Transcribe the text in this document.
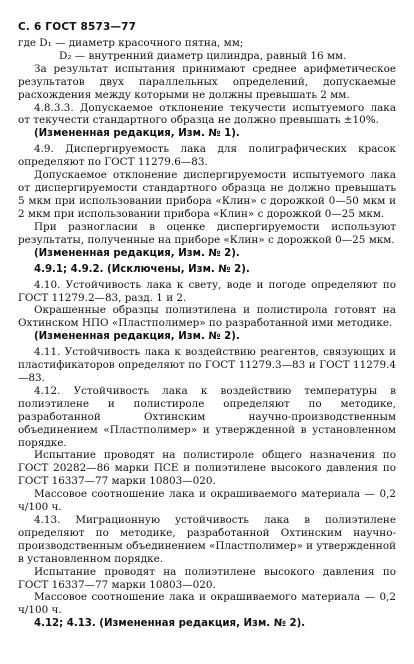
С. 6 ГОСТ 8573—77

где D₁ — диаметр красочного пятна, мм;

D₂ — внутренний диаметр цилиндра, равный 16 мм.

За результат испытания принимают среднее арифметическое результатов двух параллельных определений, допускаемые расхождения между которыми не должны превышать 2 мм.

4.8.3.3. Допускаемое отклонение текучести испытуемого лака от текучести стандартного образца не должно превышать ±10%.

(Измененная редакция, Изм. № 1).

4.9. Диспергируемость лака для полиграфических красок определяют по ГОСТ 11279.6—83.

Допускаемое отклонение диспергируемости испытуемого лака от диспергируемости стандартного образца не должно превышать 5 мкм при использовании прибора «Клин» с дорожкой 0—50 мкм и 2 мкм при использовании прибора «Клин» с дорожкой 0—25 мкм.

При разногласии в оценке диспергируемости используют результаты, полученные на приборе «Клин» с дорожкой 0—25 мкм.

(Измененная редакция, Изм. № 2).

4.9.1; 4.9.2. (Исключены, Изм. № 2).

4.10. Устойчивость лака к свету, воде и погоде определяют по ГОСТ 11279.2—83, разд. 1 и 2.

Окрашенные образцы полиэтилена и полистирола готовят на Охтинском НПО «Пластполимер» по разработанной ими методике.

(Измененная редакция, Изм. № 2).

4.11. Устойчивость лака к воздействию реагентов, связующих и пластификаторов определяют по ГОСТ 11279.3—83 и ГОСТ 11279.4—83.

4.12. Устойчивость лака к воздействию температуры в полиэтилене и полистироле определяют по методике, разработанной Охтинским научно-производственным объединением «Пластполимер» и утвержденной в установленном порядке.

Испытание проводят на полистироле общего назначения по ГОСТ 20282—86 марки ПСЕ и полиэтилене высокого давления по ГОСТ 16337—77 марки 10803—020.

Массовое соотношение лака и окрашиваемого материала — 0,2 ч/100 ч.

4.13. Миграционную устойчивость лака в полиэтилене определяют по методике, разработанной Охтинским научно-производственным объединением «Пластполимер» и утвержденной в установленном порядке.

Испытание проводят на полиэтилене высокого давления по ГОСТ 16337—77 марки 10803—020.

Массовое соотношение лака и окрашиваемого материала — 0,2 ч/100 ч.

4.12; 4.13. (Измененная редакция, Изм. № 2).
